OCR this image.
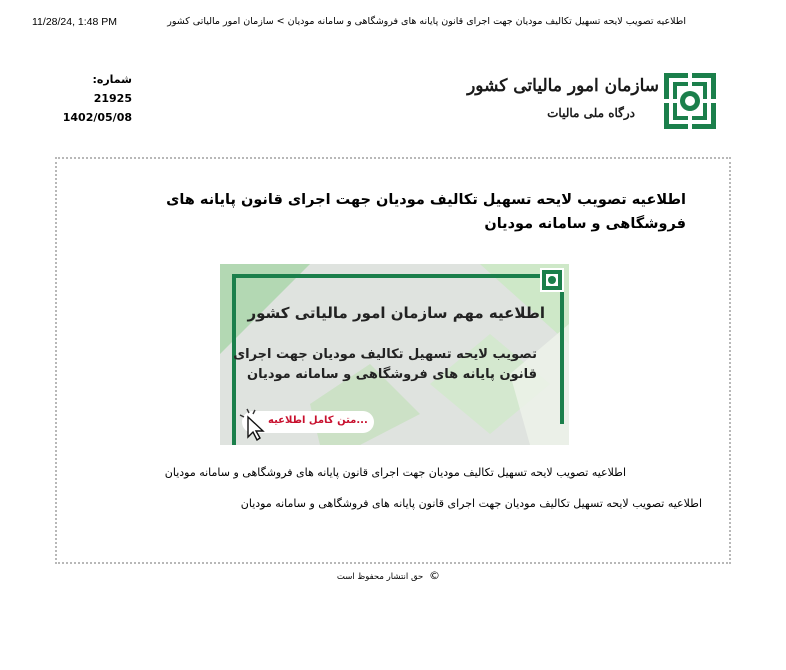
11/28/24, 1:48 PM	اطلاعیه تصویب لایحه تسهیل تکالیف مودیان جهت اجرای قانون پایانه های فروشگاهی و سامانه مودیان > سازمان امور مالیاتی کشور
شماره: 21925
1402/05/08
سازمان امور مالیاتی کشور
درگاه ملی مالیات
اطلاعیه تصویب لایحه تسهیل تکالیف مودیان جهت اجرای قانون پایانه های فروشگاهی و سامانه مودیان
اطلاعیه مهم سازمان امور مالیاتی کشور
تصویب لایحه تسهیل تکالیف مودیان جهت اجرای
قانون پایانه های فروشگاهی و سامانه مودیان
...متن کامل اطلاعیه
اطلاعیه تصویب لایحه تسهیل تکالیف مودیان جهت اجرای قانون پایانه های فروشگاهی و سامانه مودیان
اطلاعیه تصویب لایحه تسهیل تکالیف مودیان جهت اجرای قانون پایانه های فروشگاهی و سامانه مودیان
© حق انتشار محفوظ است
